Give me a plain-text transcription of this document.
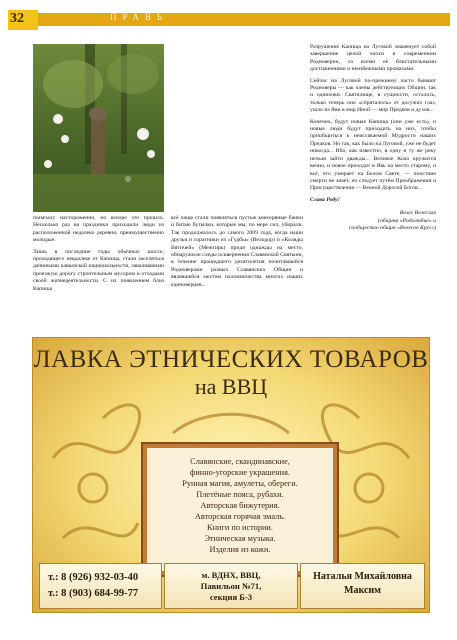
32	ПРАВЬ

поначалу настороженно, но вскоре это прошло. Несколько раз на праздники приходили люди из расположенной недалеко деревни, преимущественно молодые.

Лишь в последние годы обычных шоссе, проходящего невдалеке от Капища, стали заселяться дачниками кавказской национальности, завалившими проезжую дорогу строительным мусором и отходами своей жизнедеятельности. С их появлением близ Капища

всё чаще стали появляться пустые консервные банки и битые бутылки, которые мы, по мере сил, убирали. Так продолжалось до самого 2009 года, когда наши друзья и соратники из «Гудбы» (Велодор) и «Коляды Вятичей» (Межгирь) придя однажды на место, обнаружили следы осквернения Славянской Святыни, в течение прошедшего десятилетия почитавшейся Родноверами разных Славянских Общин и являвшейся местом паломничества многих наших единоверцев...

Разрушение Капища на Луговой знаменует собой завершение целой эпохи в современном Родноверии, со всеми её блистательными достижениями и неизбежными промахами.

Сейчас на Луговой по-прежнему часто бывают Родноверы — как члены действующих Общин, так и одиночки. Святилище, в сущности, осталось, только теперь оно «спряталось» от досужих глаз, ушло из Яви в мир Иной — мир Предков и духов...

Конечно, будут новые Капища (они уже есть), и новые люди будут приходить на них, чтобы приобщиться к неиссякаемой Мудрости наших Предков. Но так, как было на Луговой, уже не будет никогда... Ибо, как известно, в одну и ту же реку нельзя зайти дважды... Великое Коло кружится вечно, и новое приходит в Явь на место старому, и всё, что умирает на Белом Свете, — поистине смерти не знает, но следует путём Преображения и Присуществления — Вечной Дорогой Богов...

Слава Роду!
Велес Велеслав
(община «Родолюбие» и
сообщество общин «Велесов Круг»)
ЛАВКА ЭТНИЧЕСКИХ ТОВАРОВ
на ВВЦ
Славянские, скандинавские,
финно-угорские украшения.
Рунная магия, амулеты, обереги.
Плетёные пояса, рубахи.
Авторская бижутерия.
Авторская горячая эмаль.
Книги по истории.
Этническая музыка.
Изделия из кожи.
т.: 8 (926) 932-03-40
т.: 8 (903) 684-99-77
м. ВДНХ, ВВЦ,
Павильон №71,
секция Б-3
Наталья Михайловна
Максим
